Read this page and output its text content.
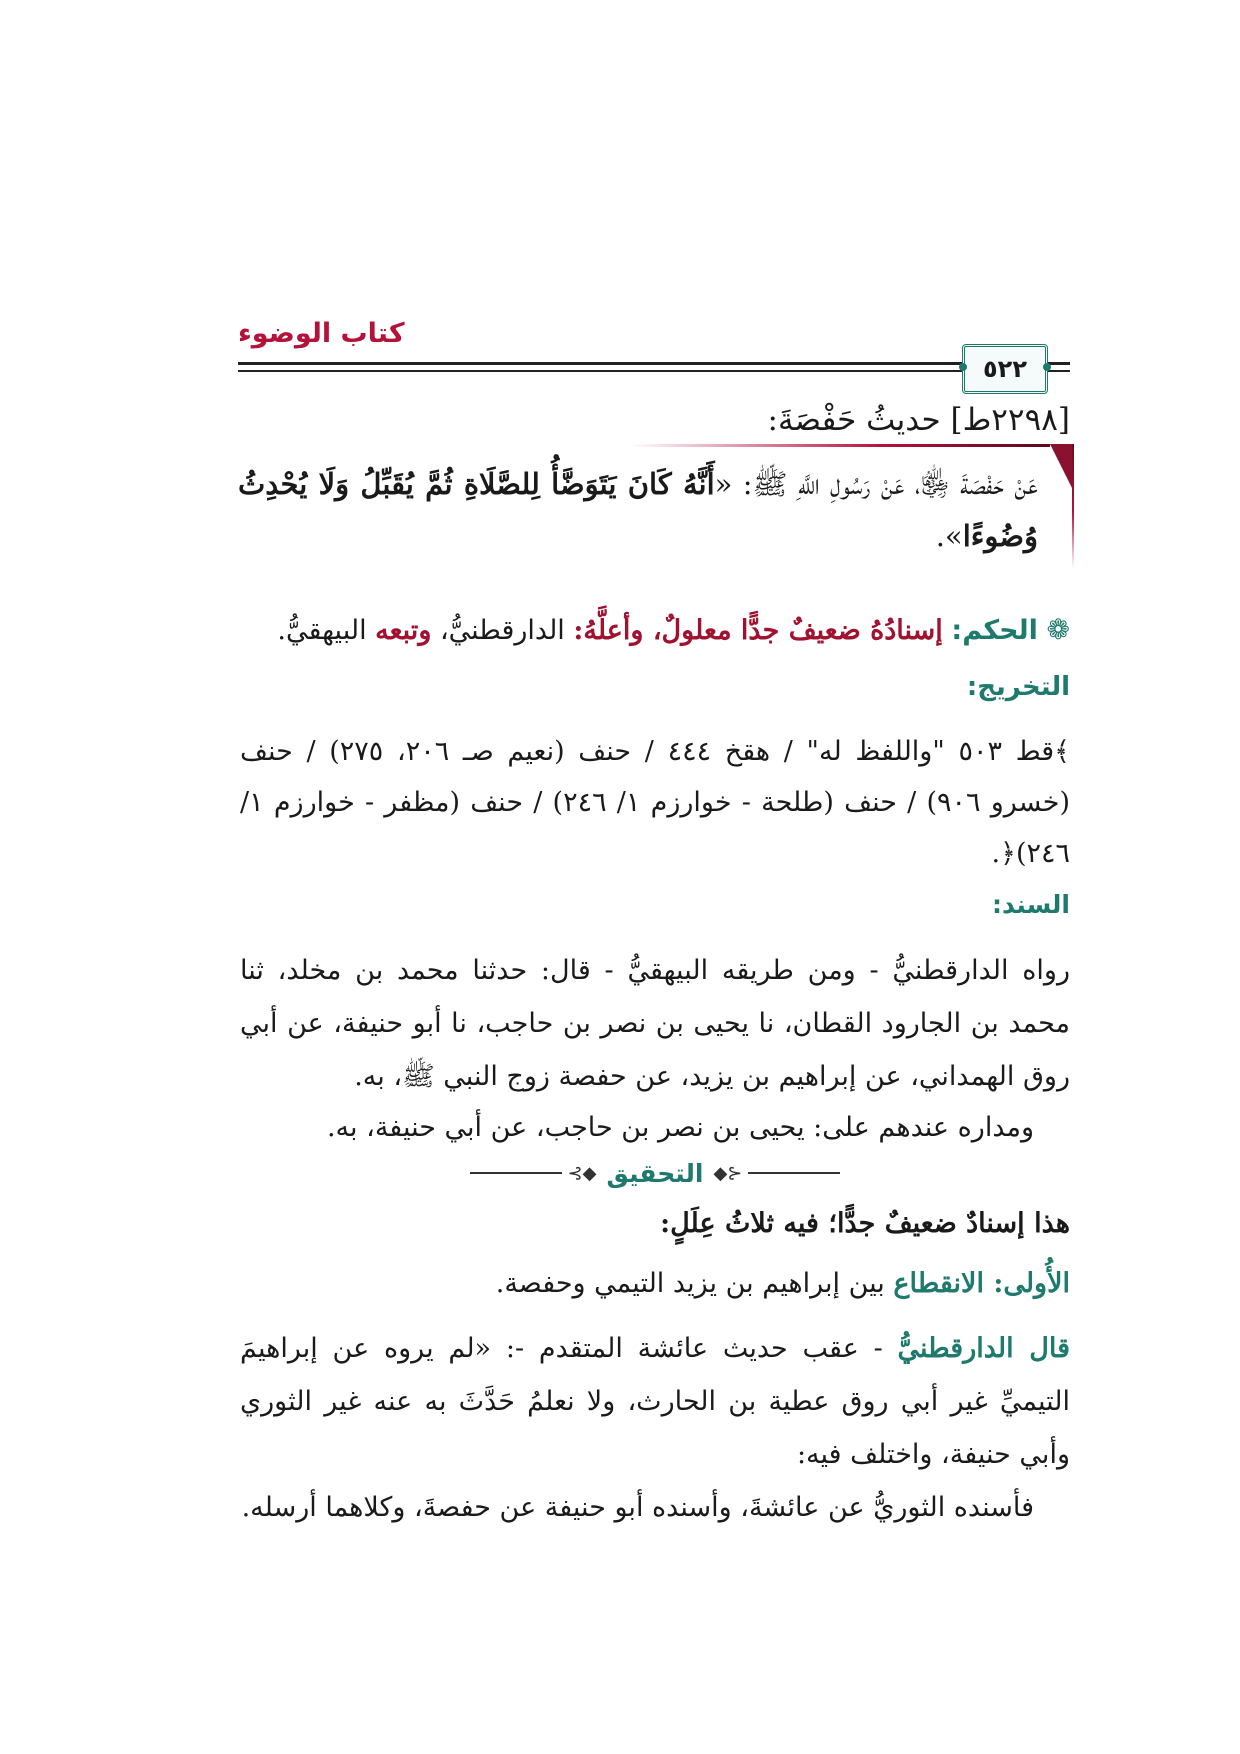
كتاب الوضوء
٥٢٢
[٢٢٩٨ط] حديثُ حَفْصَةَ:
عَنْ حَفْصَةَ ﵂، عَنْ رَسُولِ اللَّهِ ﷺ: «أَنَّهُ كَانَ يَتَوَضَّأُ لِلصَّلَاةِ ثُمَّ يُقَبِّلُ وَلَا يُحْدِثُ وُضُوءًا».
❁ الحكم: إسنادُهُ ضعيفٌ جدًّا معلولٌ، وأعلَّهُ: الدارقطنيُّ، وتبعه البيهقيُّ.
التخريج:
﴾قط ٥٠٣ "واللفظ له" / هقخ ٤٤٤ / حنف (نعيم صـ ٢٠٦، ٢٧٥) / حنف (خسرو ٩٠٦) / حنف (طلحة - خوارزم ١/ ٢٤٦) / حنف (مظفر - خوارزم ١/ ٢٤٦)﴿.
السند:
رواه الدارقطنيُّ - ومن طريقه البيهقيُّ - قال: حدثنا محمد بن مخلد، ثنا محمد بن الجارود القطان، نا يحيى بن نصر بن حاجب، نا أبو حنيفة، عن أبي روق الهمداني، عن إبراهيم بن يزيد، عن حفصة زوج النبي ﷺ، به.
ومداره عندهم على: يحيى بن نصر بن حاجب، عن أبي حنيفة، به.
⊰◆
التحقيق
◆⊱
هذا إسنادٌ ضعيفٌ جدًّا؛ فيه ثلاثُ عِلَلٍ:
الأُولى: الانقطاع بين إبراهيم بن يزيد التيمي وحفصة.
قال الدارقطنيُّ - عقب حديث عائشة المتقدم -: «لم يروه عن إبراهيمَ التيميِّ غير أبي روق عطية بن الحارث، ولا نعلمُ حَدَّثَ به عنه غير الثوري وأبي حنيفة، واختلف فيه:
فأسنده الثوريُّ عن عائشةَ، وأسنده أبو حنيفة عن حفصةَ، وكلاهما أرسله.
